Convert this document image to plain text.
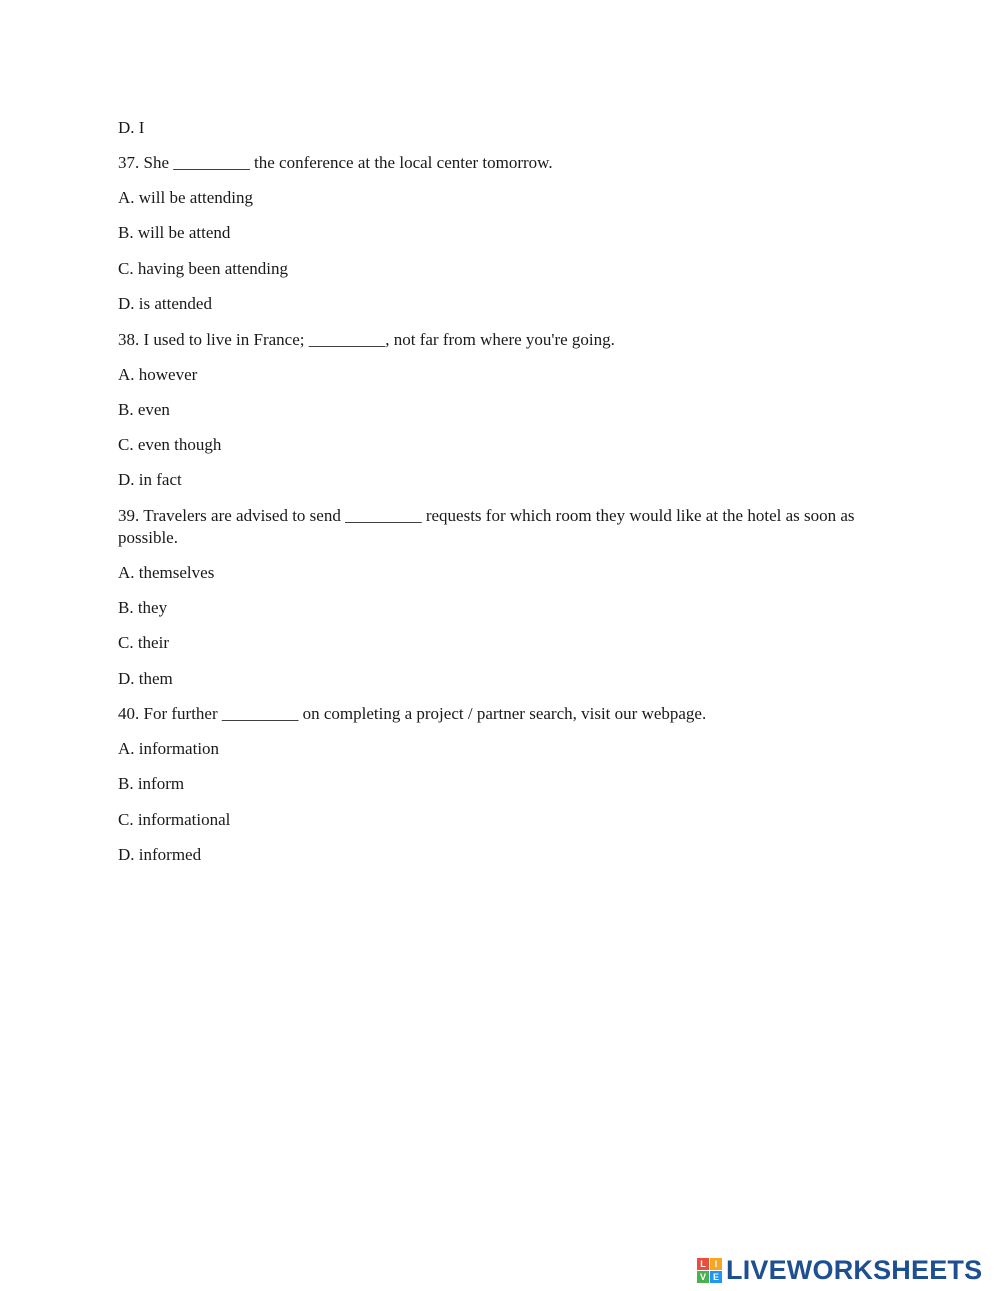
D. I
37. She _________ the conference at the local center tomorrow.
A. will be attending
B. will be attend
C. having been attending
D. is attended
38. I used to live in France; _________, not far from where you're going.
A. however
B. even
C. even though
D. in fact
39. Travelers are advised to send _________ requests for which room they would like at the hotel as soon as possible.
A. themselves
B. they
C. their
D. them
40. For further _________ on completing a project / partner search, visit our webpage.
A. information
B. inform
C. informational
D. informed
L I
V E LIVEWORKSHEETS
